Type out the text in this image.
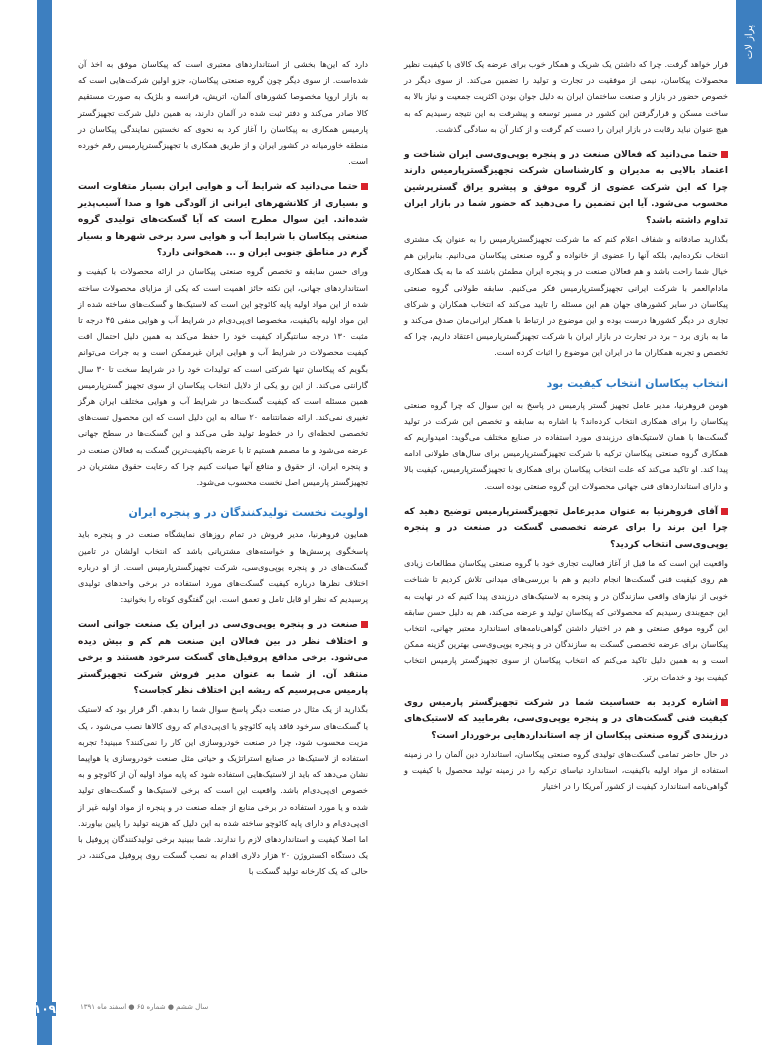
پراز لات
۱۰۹	سال ششم ● شماره ۶۵ ● اسفند ماه ۱۳۹۱

قرار خواهد گرفت. چرا که داشتن یک شریک و همکار خوب برای عرضه یک کالای با کیفیت نظیر محصولات پیکاسان، نیمی از موفقیت در تجارت و تولید را تضمین می‌کند. از سوی دیگر در خصوص حضور در بازار و صنعت ساختمان ایران به دلیل جوان بودن اکثریت جمعیت و نیاز بالا به ساخت مسکن و قرارگرفتن این کشور در مسیر توسعه و پیشرفت به این نتیجه رسیدیم که به هیچ عنوان نباید رقابت در بازار ایران را دست کم گرفت و از کنار آن به سادگی گذشت.

حتما می‌دانید که فعالان صنعت در و پنجره یوپی‌وی‌سی ایران شناخت و اعتماد بالایی به مدیران و کارشناسان شرکت تجهیزگسترپارمیس دارند چرا که این شرکت عضوی از گروه موفق و پیشرو یراق گسترپرشین محسوب می‌شود. آیا این تضمین را می‌دهید که حضور شما در بازار ایران تداوم داشته باشد؟

بگذارید صادقانه و شفاف اعلام کنم که ما شرکت تجهیزگسترپارمیس را به عنوان یک مشتری انتخاب نکرده‌ایم، بلکه آنها را عضوی از خانواده و گروه صنعتی پیکاسان می‌دانیم. بنابراین هم خیال شما راحت باشد و هم فعالان صنعت در و پنجره ایران مطمئن باشند که ما به یک همکاری مادام‌العمر با شرکت ایرانی تجهیزگسترپارمیس فکر می‌کنیم. سابقه طولانی گروه صنعتی پیکاسان در سایر کشورهای جهان هم این مسئله را تایید می‌کند که انتخاب همکاران و شرکای تجاری در دیگر کشورها درست بوده و این موضوع در ارتباط با همکار ایرانی‌مان صدق می‌کند و ما به بازی برد – برد در تجارت در بازار ایران با شرکت تجهیزگسترپارمیس اعتقاد داریم، چرا که تخصص و تجربه همکاران ما در ایران این موضوع را اثبات کرده است.

انتخاب پیکاسان انتخاب کیفیت بود

هومن فروهرنیا، مدیر عامل تجهیز گستر پارمیس در پاسخ به این سوال که چرا گروه صنعتی پیکاسان را برای همکاری انتخاب کرده‌اند؟ با اشاره به سابقه و تخصص این شرکت در تولید گسکت‌ها با همان لاستیک‌های درزبندی مورد استفاده در صنایع مختلف می‌گوید: امیدواریم که همکاری گروه صنعتی پیکاسان ترکیه با شرکت تجهیزگسترپارمیس برای سال‌های طولانی ادامه پیدا کند. او تاکید می‌کند که علت انتخاب پیکاسان برای همکاری با تجهیزگسترپارمیس، کیفیت بالا و دارای استانداردهای فنی جهانی محصولات این گروه صنعتی بوده است.

آقای فروهرنیا به عنوان مدیرعامل تجهیزگسترپارمیس توضیح دهید که چرا این برند را برای عرضه تخصصی گسکت در صنعت در و پنجره یوپی‌وی‌سی انتخاب کردید؟

واقعیت این است که ما قبل از آغاز فعالیت تجاری خود با گروه صنعتی پیکاسان مطالعات زیادی هم روی کیفیت فنی گسکت‌ها انجام دادیم و هم با بررسی‌های میدانی تلاش کردیم تا شناخت خوبی از نیازهای واقعی سازندگان در و پنجره به لاستیک‌های درزبندی پیدا کنیم که در نهایت به این جمع‌بندی رسیدیم که محصولاتی که پیکاسان تولید و عرضه می‌کند، هم به دلیل حسن سابقه این گروه موفق صنعتی و هم در اختیار داشتن گواهی‌نامه‌های استاندارد معتبر جهانی، انتخاب پیکاسان برای عرضه تخصصی گسکت به سازندگان در و پنجره یوپی‌وی‌سی بهترین گزینه ممکن است و به همین دلیل تاکید می‌کنم که انتخاب پیکاسان از سوی تجهیزگستر پارمیس انتخاب کیفیت بود و خدمات برتر.

اشاره کردید به حساسیت شما در شرکت تجهیزگستر پارمیس روی کیفیت فنی گسکت‌های در و پنجره یوپی‌وی‌سی، بفرمایید که لاستیک‌های درزبندی گروه صنعتی پیکاسان از چه استانداردهایی برخوردار است؟

در حال حاضر تمامی گسکت‌های تولیدی گروه صنعتی پیکاسان، استاندارد دین آلمان را در زمینه استفاده از مواد اولیه باکیفیت، استاندارد تیاسای ترکیه را در زمینه تولید محصول با کیفیت و گواهی‌نامه استاندارد کیفیت از کشور آمریکا را در اختیار

دارد که این‌ها بخشی از استانداردهای معتبری است که پیکاسان موفق به اخذ آن شده‌است. از سوی دیگر چون گروه صنعتی پیکاسان، جزو اولین شرکت‌هایی است که به بازار اروپا مخصوصا کشورهای آلمان، اتریش، فرانسه و بلژیک به صورت مستقیم کالا صادر می‌کند و دفتر ثبت شده در آلمان دارند، به همین دلیل شرکت تجهیزگستر پارمیس همکاری به پیکاسان را آغاز کرد به نحوی که نخستین نمایندگی پیکاسان در منطقه خاورمیانه در کشور ایران و از طریق همکاری با تجهیزگسترپارمیس رقم خورده است.

حتما می‌دانید که شرایط آب و هوایی ایران بسیار متفاوت است و بسیاری از کلانشهرهای ایرانی از آلودگی هوا و صدا آسیب‌پذیر شده‌اند. این سوال مطرح است که آیا گسکت‌های تولیدی گروه صنعتی پیکاسان با شرایط آب و هوایی سرد برخی شهرها و بسیار گرم در مناطق جنوبی ایران و ... همخوانی دارد؟

ورای حسن سابقه و تخصص گروه صنعتی پیکاسان در ارائه محصولات با کیفیت و استانداردهای جهانی، این نکته حائز اهمیت است که یکی از مزایای محصولات ساخته شده از این مواد اولیه پایه کائوچو این است که لاستیک‌ها و گسکت‌های ساخته شده از این مواد اولیه باکیفیت، مخصوصا ای‌پی‌دی‌ام در شرایط آب و هوایی منفی ۴۵ درجه تا مثبت ۱۳۰ درجه سانتیگراد کیفیت خود را حفظ می‌کند به همین دلیل احتمال افت کیفیت محصولات در شرایط آب و هوایی ایران غیرممکن است و به جرات می‌توانم بگویم که پیکاسان تنها شرکتی است که تولیدات خود را در شرایط سخت تا ۳۰ سال گارانتی می‌کند. از این رو یکی از دلایل انتخاب پیکاسان از سوی تجهیز گسترپارمیس همین مسئله است که کیفیت گسکت‌ها در شرایط آب و هوایی مختلف ایران هرگز تغییری نمی‌کند. ارائه ضمانتنامه ۲۰ ساله به این دلیل است که این محصول تست‌های تخصصی لحظه‌ای را در خطوط تولید طی می‌کند و این گسکت‌ها در سطح جهانی عرضه می‌شود و ما مصمم هستیم تا با عرضه باکیفیت‌ترین گسکت به فعالان صنعت در و پنجره ایران، از حقوق و منافع آنها صیانت کنیم چرا که رعایت حقوق مشتریان در تجهیزگستر پارمیس اصل نخست محسوب می‌شود.

اولویت نخست تولیدکنندگان در و پنجره ایران

همایون فروهرنیا، مدیر فروش در تمام روزهای نمایشگاه صنعت در و پنجره باید پاسخگوی پرسش‌ها و خواسته‌های مشتریانی باشد که انتخاب اولشان در تامین گسکت‌های در و پنجره یوپی‌وی‌سی، شرکت تجهیزگسترپارمیس است. از او درباره اختلاف نظرها درباره کیفیت گسکت‌های مورد استفاده در برخی واحدهای تولیدی پرسیدیم که نظر او قابل تامل و تعمق است. این گفتگوی کوتاه را بخوانید:

صنعت در و پنجره یوپی‌وی‌سی در ایران یک صنعت جوانی است و اختلاف نظر در بین فعالان این صنعت هم کم و بیش دیده می‌شود. برخی مدافع پروفیل‌های گسکت سرخود هستند و برخی منتقد آن. از شما به عنوان مدیر فروش شرکت تجهیزگستر پارمیس می‌پرسیم که ریشه این اختلاف نظر کجاست؟

بگذارید از یک مثال در صنعت دیگر پاسخ سوال شما را بدهم. اگر قرار بود که لاستیک یا گسکت‌های سرخود فاقد پایه کائوچو یا ای‌پی‌دی‌ام که روی کالاها نصب می‌شود ، یک مزیت محسوب شود، چرا در صنعت خودروسازی این کار را نمی‌کنند؟ مبینید! تجربه استفاده از لاستیک‌ها در صنایع استراتژیک و حیاتی مثل صنعت خودروسازی یا هواپیما نشان می‌دهد که باید از لاستیک‌هایی استفاده شود که پایه مواد اولیه آن از کائوچو و به خصوص ای‌پی‌دی‌ام باشد. واقعیت این است که برخی لاستیک‌ها و گسکت‌های تولید شده و یا مورد استفاده در برخی منابع از جمله صنعت در و پنجره از مواد اولیه غیر از ای‌پی‌دی‌ام و دارای پایه کائوچو ساخته شده به این دلیل که هزینه تولید را پایین بیاورند. اما اصلا کیفیت و استانداردهای لازم را ندارند. شما ببینید برخی تولیدکنندگان پروفیل با یک دستگاه اکستروژن ۲۰ هزار دلاری اقدام به نصب گسکت روی پروفیل می‌کنند، در حالی که یک کارخانه تولید گسکت با
